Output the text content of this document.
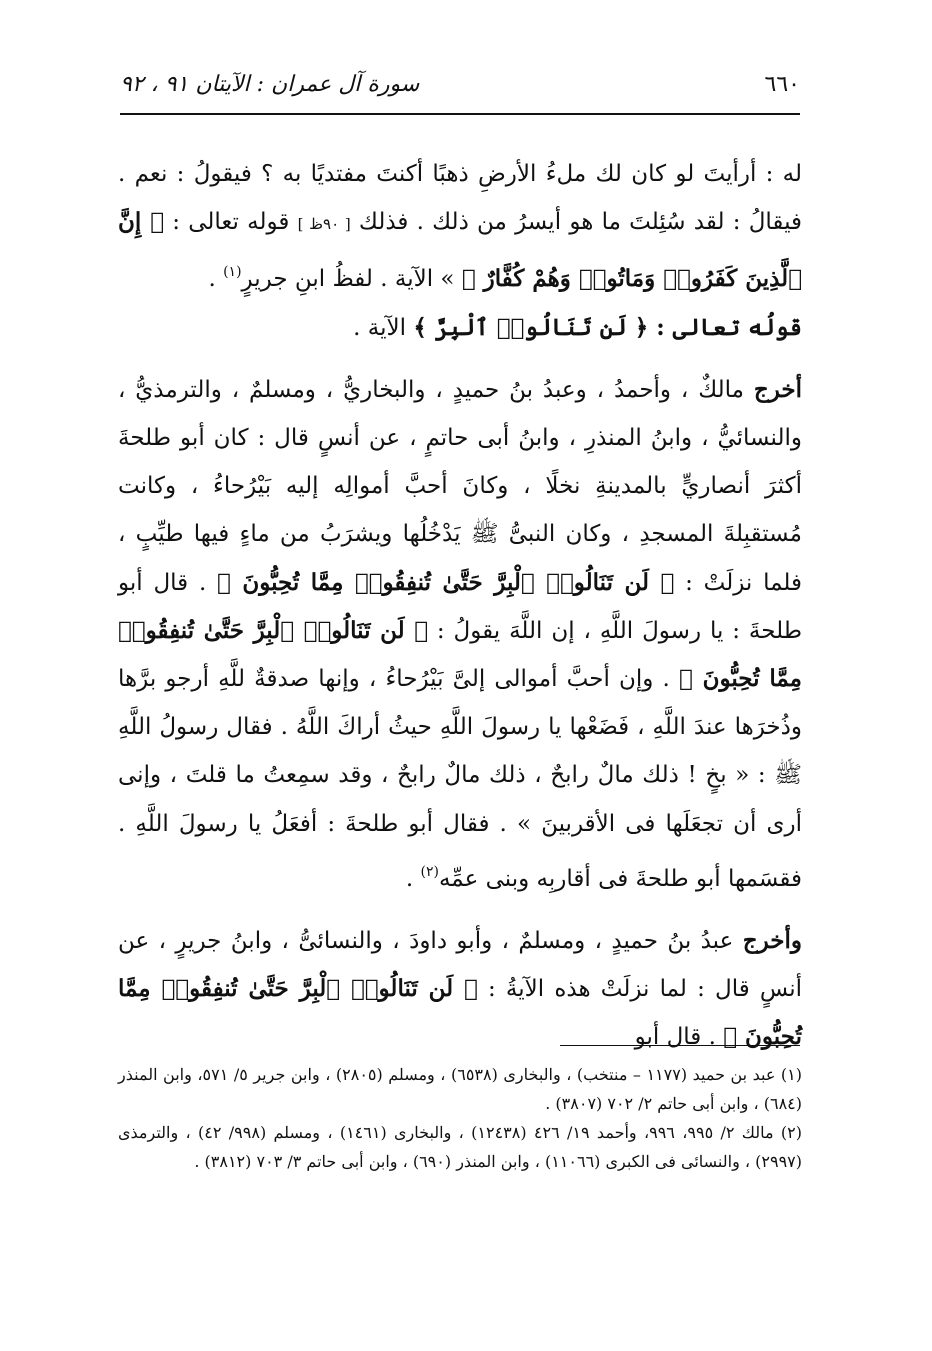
٦٦٠
سورة آل عمران : الآيتان ٩١ ، ٩٢

له : أرأيتَ لو كان لك ملءُ الأرضِ ذهبًا أكنتَ مفتديًا به ؟ فيقولُ : نعم . فيقالُ : لقد سُئِلتَ ما هو أيسرُ من ذلك . فذلك [ ٩٠ظ ] قوله تعالى : ﴿ إِنَّ ٱلَّذِينَ كَفَرُوا۟ وَمَاتُوا۟ وَهُمْ كُفَّارٌ ﴾ » الآية . لفظُ ابنِ جريرٍ$^{(١)}$ .

قولُه تعالى : ﴿ لَن تَنَالُوا۟ ٱلْبِرَّ ﴾ الآية .

أخرج مالكٌ ، وأحمدُ ، وعبدُ بنُ حميدٍ ، والبخاريُّ ، ومسلمٌ ، والترمذيُّ ، والنسائيُّ ، وابنُ المنذرِ ، وابنُ أبى حاتمٍ ، عن أنسٍ قال : كان أبو طلحةَ أكثرَ أنصاريٍّ بالمدينةِ نخلًا ، وكانَ أحبَّ أموالِه إليه بَيْرُحاءُ ، وكانت مُستقبِلةَ المسجدِ ، وكان النبىُّ ﷺ يَدْخُلُها ويشرَبُ من ماءٍ فيها طيِّبٍ ، فلما نزلَتْ : ﴿ لَن تَنَالُوا۟ ٱلْبِرَّ حَتَّىٰ تُنفِقُوا۟ مِمَّا تُحِبُّونَ ﴾ . قال أبو طلحةَ : يا رسولَ اللَّهِ ، إن اللَّهَ يقولُ : ﴿ لَن تَنَالُوا۟ ٱلْبِرَّ حَتَّىٰ تُنفِقُوا۟ مِمَّا تُحِبُّونَ ﴾ . وإن أحبَّ أموالى إلىَّ بَيْرُحاءُ ، وإنها صدقةٌ للَّهِ أرجو برَّها وذُخرَها عندَ اللَّهِ ، فَضَعْها يا رسولَ اللَّهِ حيثُ أراكَ اللَّهُ . فقال رسولُ اللَّهِ ﷺ : « بخٍ ! ذلك مالٌ رابحٌ ، ذلك مالٌ رابحٌ ، وقد سمِعتُ ما قلتَ ، وإنى أرى أن تجعَلَها فى الأقربينَ » . فقال أبو طلحةَ : أفعَلُ يا رسولَ اللَّهِ . فقسَمها أبو طلحةَ فى أقاربِه وبنى عمِّه$^{(٢)}$ .

وأخرج عبدُ بنُ حميدٍ ، ومسلمٌ ، وأبو داودَ ، والنسائىُّ ، وابنُ جريرٍ ، عن أنسٍ قال : لما نزلَتْ هذه الآيةُ : ﴿ لَن تَنَالُوا۟ ٱلْبِرَّ حَتَّىٰ تُنفِقُوا۟ مِمَّا تُحِبُّونَ ﴾ . قال أبو

(١) عبد بن حميد (١١٧٧ – منتخب) ، والبخارى (٦٥٣٨) ، ومسلم (٢٨٠٥) ، وابن جرير ٥/ ٥٧١، وابن المنذر (٦٨٤) ، وابن أبى حاتم ٢/ ٧٠٢ (٣٨٠٧) .

(٢) مالك ٢/ ٩٩٥، ٩٩٦، وأحمد ١٩/ ٤٢٦ (١٢٤٣٨) ، والبخارى (١٤٦١) ، ومسلم (٩٩٨/ ٤٢) ، والترمذى (٢٩٩٧) ، والنسائى فى الكبرى (١١٠٦٦) ، وابن المنذر (٦٩٠) ، وابن أبى حاتم ٣/ ٧٠٣ (٣٨١٢) .
